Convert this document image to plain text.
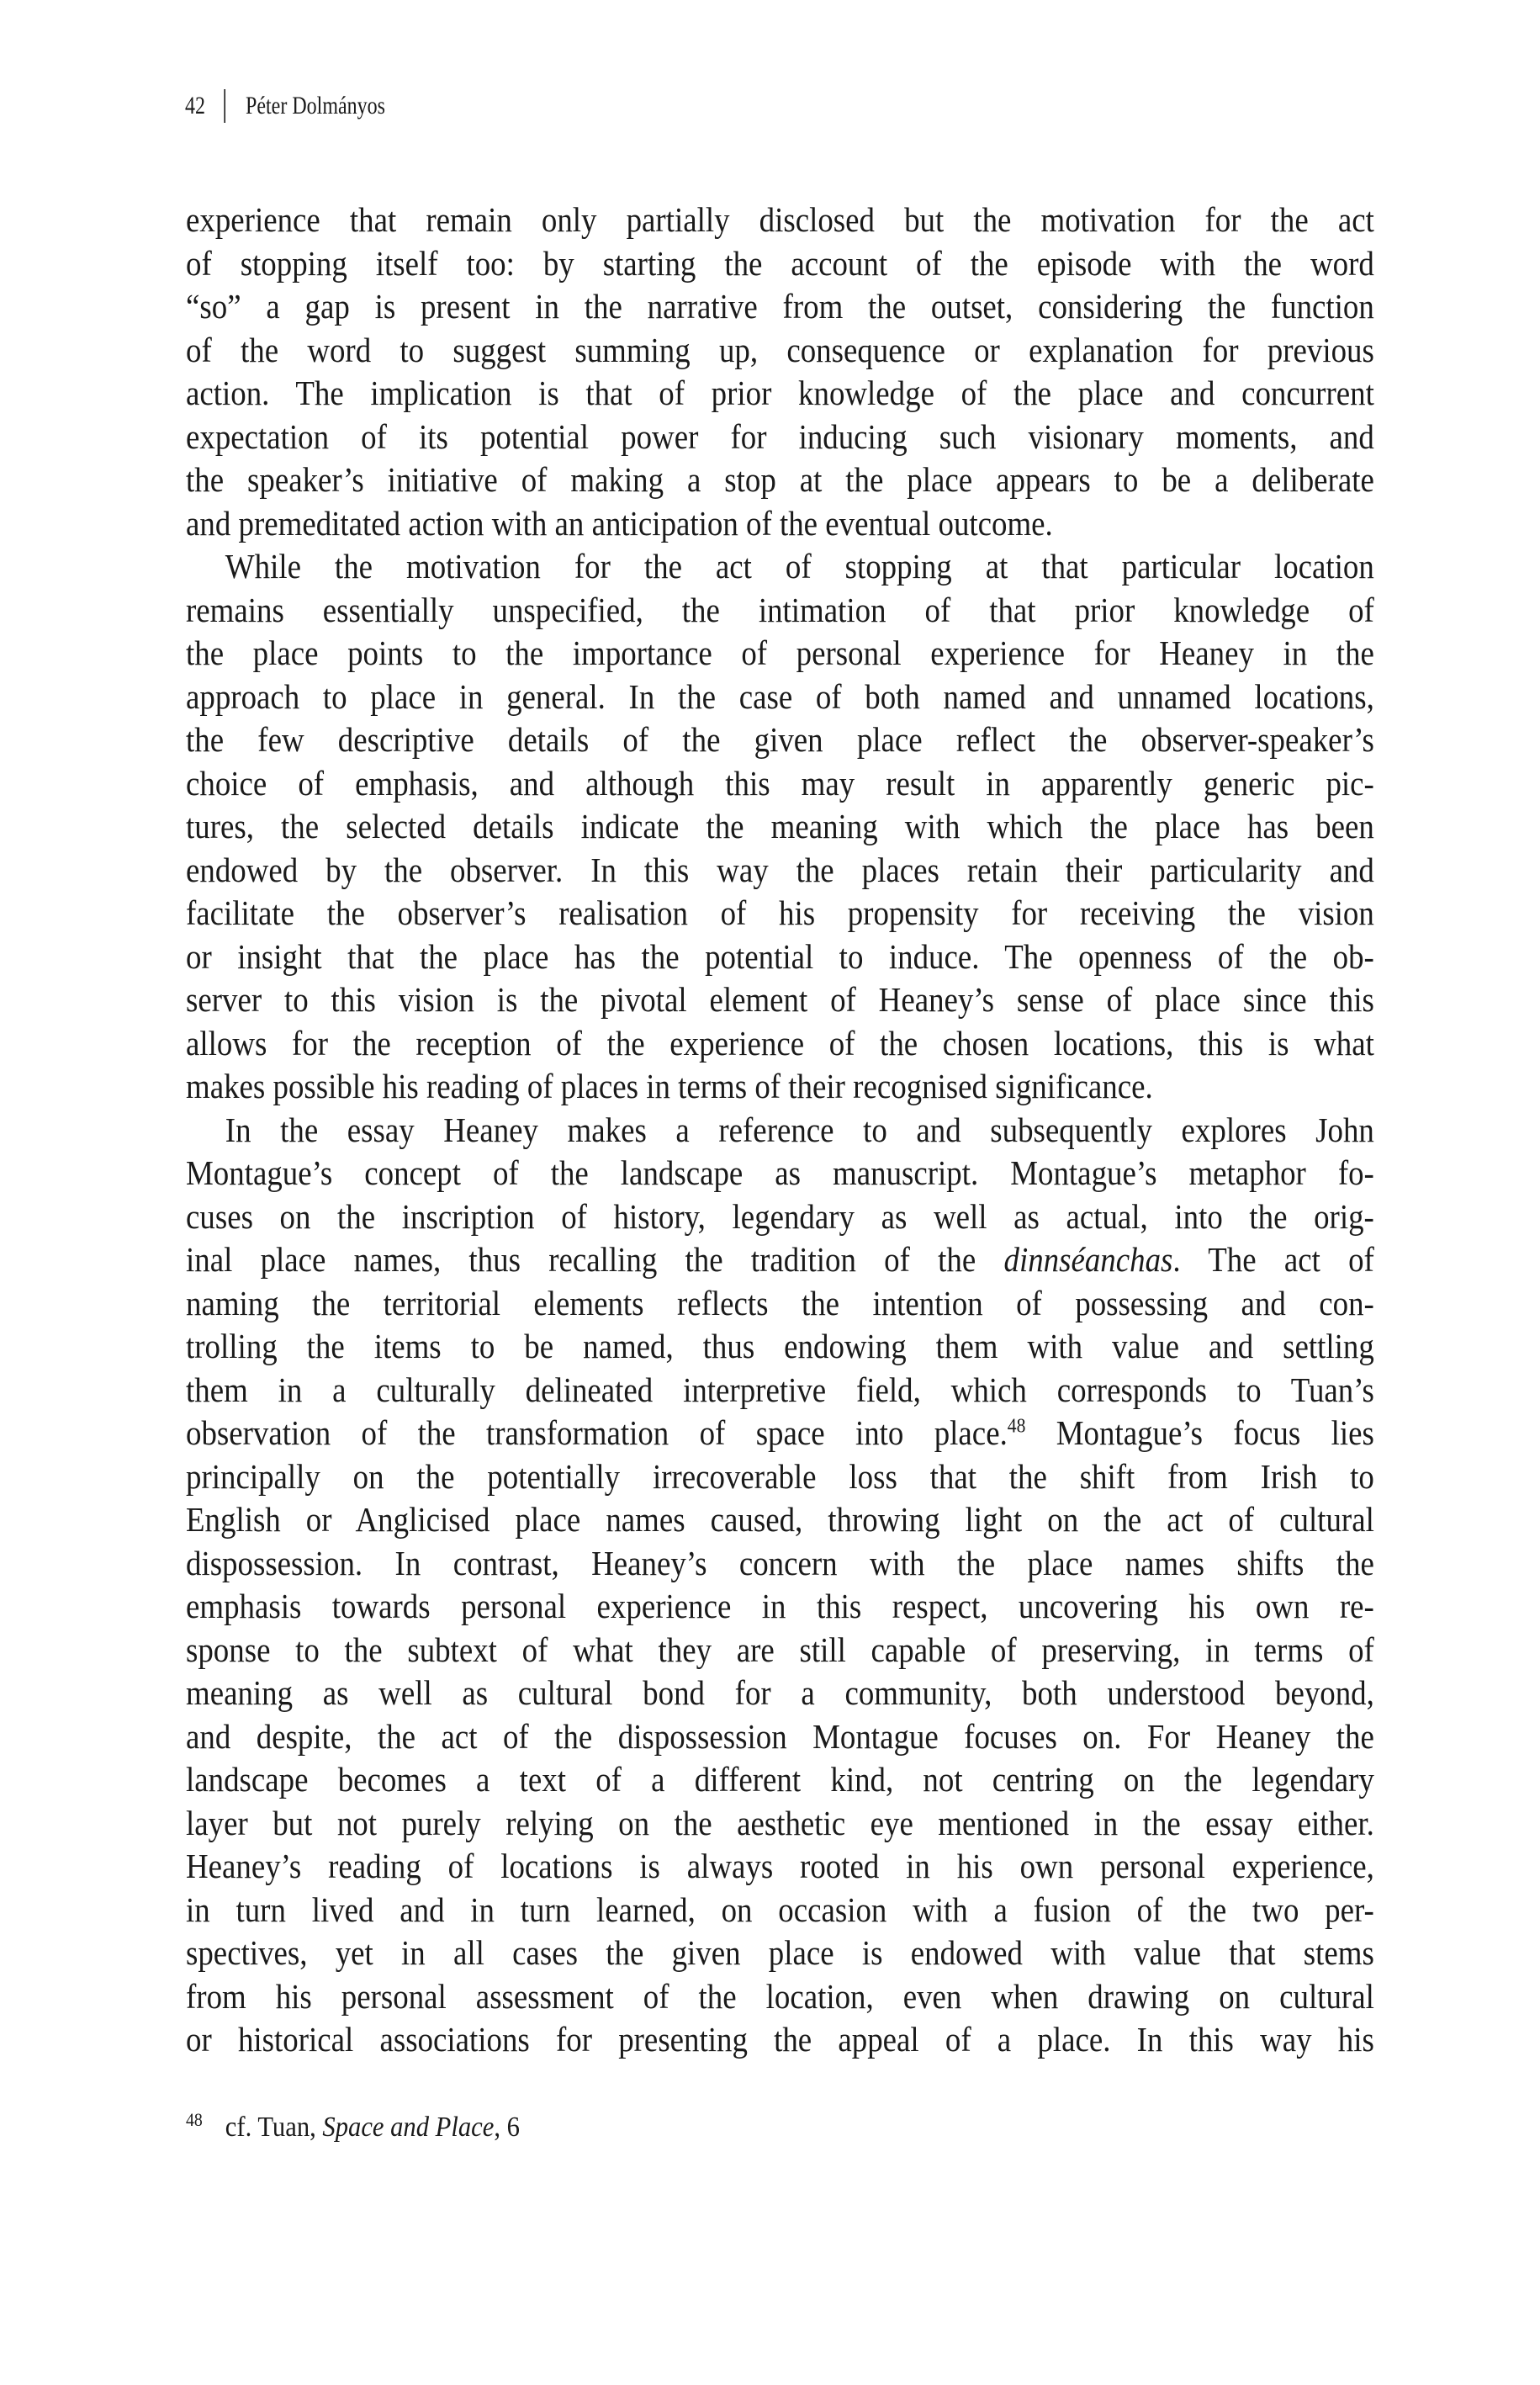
42 Péter Dolmányos
experience that remain only partially disclosed but the motivation for the act
of stopping itself too: by starting the account of the episode with the word
“so” a gap is present in the narrative from the outset, considering the function
of the word to suggest summing up, consequence or explanation for previous
action. The implication is that of prior knowledge of the place and concurrent
expectation of its potential power for inducing such visionary moments, and
the speaker’s initiative of making a stop at the place appears to be a deliberate
and premeditated action with an anticipation of the eventual outcome.
While the motivation for the act of stopping at that particular location
remains essentially unspecified, the intimation of that prior knowledge of
the place points to the importance of personal experience for Heaney in the
approach to place in general. In the case of both named and unnamed locations,
the few descriptive details of the given place reflect the observer-speaker’s
choice of emphasis, and although this may result in apparently generic pic-
tures, the selected details indicate the meaning with which the place has been
endowed by the observer. In this way the places retain their particularity and
facilitate the observer’s realisation of his propensity for receiving the vision
or insight that the place has the potential to induce. The openness of the ob-
server to this vision is the pivotal element of Heaney’s sense of place since this
allows for the reception of the experience of the chosen locations, this is what
makes possible his reading of places in terms of their recognised significance.
In the essay Heaney makes a reference to and subsequently explores John
Montague’s concept of the landscape as manuscript. Montague’s metaphor fo-
cuses on the inscription of history, legendary as well as actual, into the orig-
inal place names, thus recalling the tradition of the dinnséanchas. The act of
naming the territorial elements reflects the intention of possessing and con-
trolling the items to be named, thus endowing them with value and settling
them in a culturally delineated interpretive field, which corresponds to Tuan’s
observation of the transformation of space into place.$^{48}$ Montague’s focus lies
principally on the potentially irrecoverable loss that the shift from Irish to
English or Anglicised place names caused, throwing light on the act of cultural
dispossession. In contrast, Heaney’s concern with the place names shifts the
emphasis towards personal experience in this respect, uncovering his own re-
sponse to the subtext of what they are still capable of preserving, in terms of
meaning as well as cultural bond for a community, both understood beyond,
and despite, the act of the dispossession Montague focuses on. For Heaney the
landscape becomes a text of a different kind, not centring on the legendary
layer but not purely relying on the aesthetic eye mentioned in the essay either.
Heaney’s reading of locations is always rooted in his own personal experience,
in turn lived and in turn learned, on occasion with a fusion of the two per-
spectives, yet in all cases the given place is endowed with value that stems
from his personal assessment of the location, even when drawing on cultural
or historical associations for presenting the appeal of a place. In this way his
48 cf. Tuan, Space and Place, 6
